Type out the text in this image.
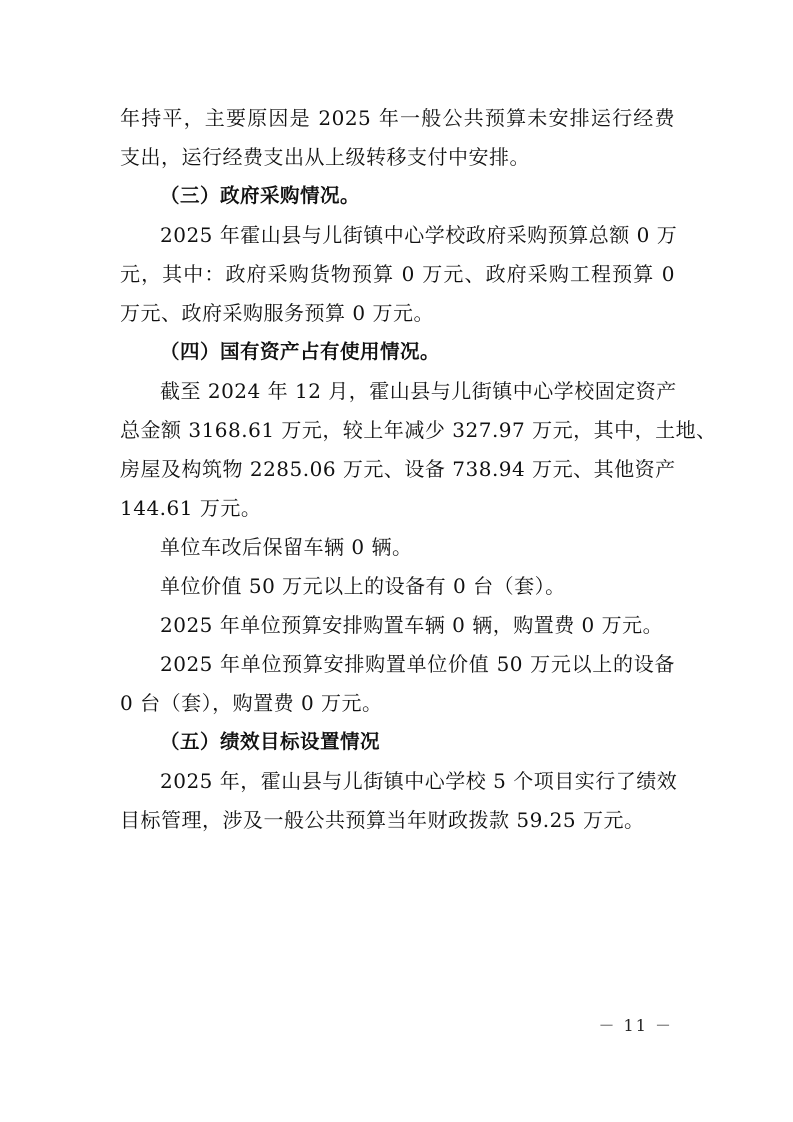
年持平，主要原因是 2025 年一般公共预算未安排运行经费
支出，运行经费支出从上级转移支付中安排。
（三）政府采购情况。
2025 年霍山县与儿街镇中心学校政府采购预算总额 0 万
元，其中：政府采购货物预算 0 万元、政府采购工程预算 0
万元、政府采购服务预算 0 万元。
（四）国有资产占有使用情况。
截至 2024 年 12 月，霍山县与儿街镇中心学校固定资产
总金额 3168.61 万元，较上年减少 327.97 万元，其中，土地、
房屋及构筑物 2285.06 万元、设备 738.94 万元、其他资产
144.61 万元。
单位车改后保留车辆 0 辆。
单位价值 50 万元以上的设备有 0 台（套）。
2025 年单位预算安排购置车辆 0 辆，购置费 0 万元。
2025 年单位预算安排购置单位价值 50 万元以上的设备
0 台（套），购置费 0 万元。
（五）绩效目标设置情况
2025 年，霍山县与儿街镇中心学校 5 个项目实行了绩效
目标管理，涉及一般公共预算当年财政拨款 59.25 万元。
－ 11 －
